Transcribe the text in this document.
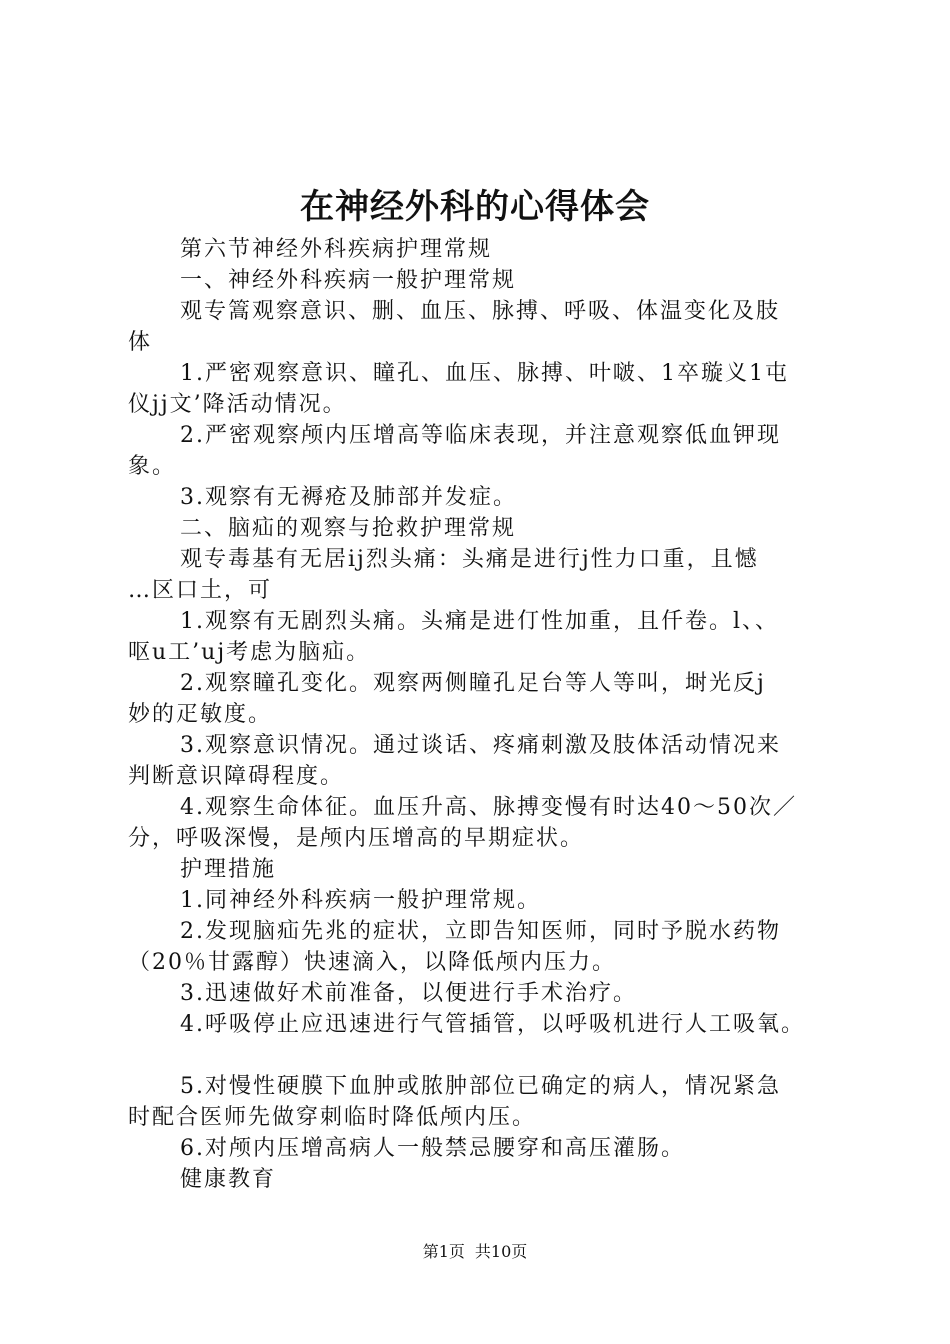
在神经外科的心得体会
第六节神经外科疾病护理常规
一、神经外科疾病一般护理常规
观专篙观察意识、删、血压、脉搏、呼吸、体温变化及肢
体
1.严密观察意识、瞳孔、血压、脉搏、叶啵、1卒璇义1屯
仪jj文’降活动情况。
2.严密观察颅内压增高等临床表现，并注意观察低血钾现
象。
3.观察有无褥疮及肺部并发症。
二、脑疝的观察与抢救护理常规
观专毒基有无居ij烈头痛：头痛是进行j性力口重，且憾
…区口土，可
1.观察有无剧烈头痛。头痛是进仃性加重，且仟卷。l、、
呕u工’uj考虑为脑疝。
2.观察瞳孔变化。观察两侧瞳孔足台等人等叫，埘光反j
妙的疋敏度。
3.观察意识情况。通过谈话、疼痛刺激及肢体活动情况来
判断意识障碍程度。
4.观察生命体征。血压升高、脉搏变慢有时达40～50次／
分，呼吸深慢，是颅内压增高的早期症状。
护理措施
1.同神经外科疾病一般护理常规。
2.发现脑疝先兆的症状，立即告知医师，同时予脱水药物
（20％甘露醇）快速滴入，以降低颅内压力。
3.迅速做好术前准备，以便进行手术治疗。
4.呼吸停止应迅速进行气管插管，以呼吸机进行人工吸氧。
5.对慢性硬膜下血肿或脓肿部位已确定的病人，情况紧急
时配合医师先做穿刺临时降低颅内压。
6.对颅内压增高病人一般禁忌腰穿和高压灌肠。
健康教育
第1页 共10页
